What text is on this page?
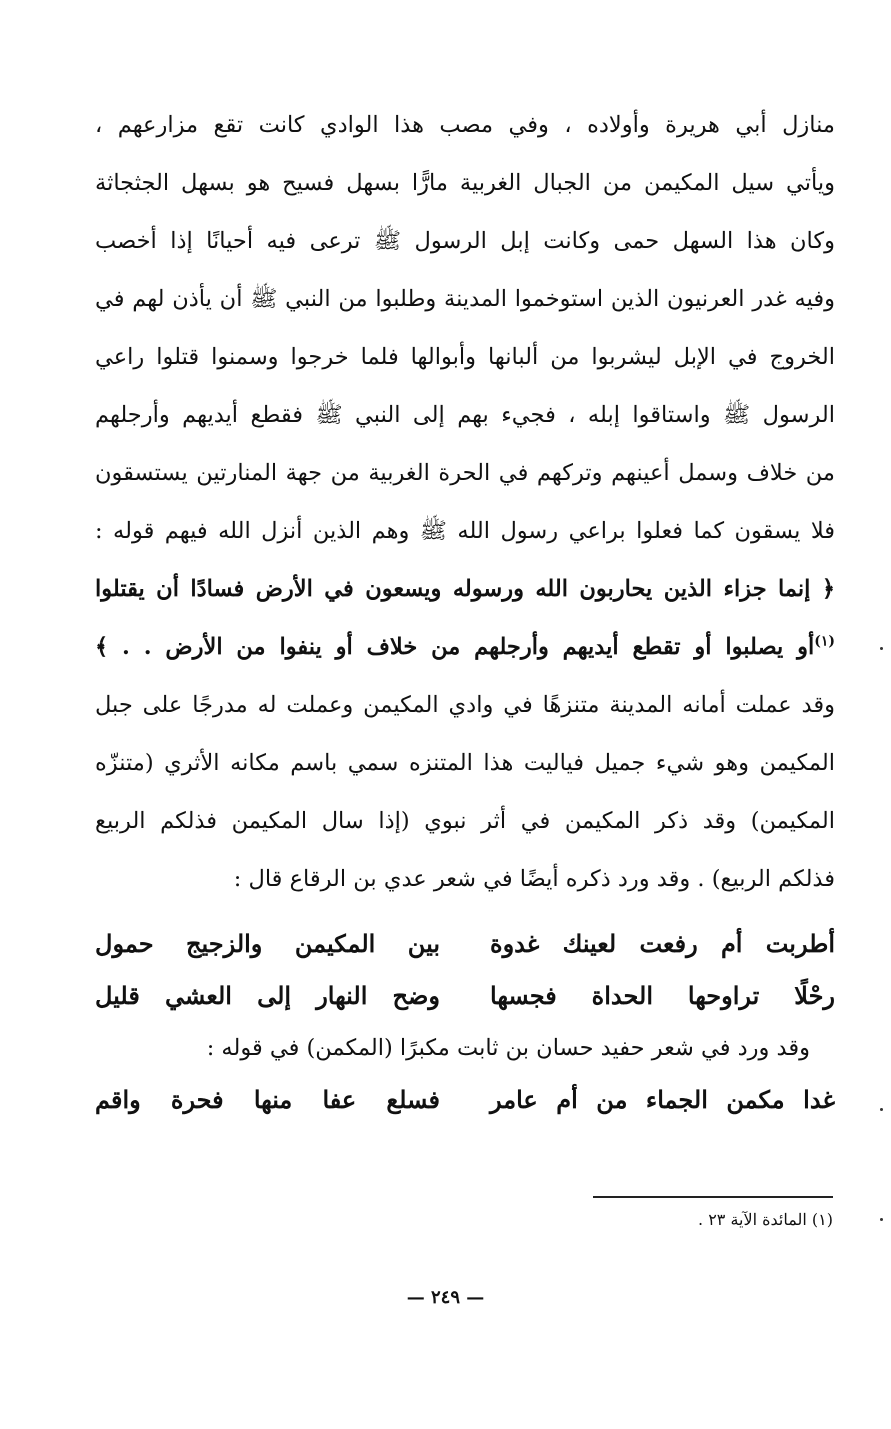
منازل أبي هريرة وأولاده ، وفي مصب هذا الوادي كانت تقع مزارعهم ،
ويأتي سيل المكيمن من الجبال الغربية مارًّا بسهل فسيح هو بسهل الجثجاثة
وكان هذا السهل حمى وكانت إبل الرسول ﷺ ترعى فيه أحيانًا إذا أخصب
وفيه غدر العرنيون الذين استوخموا المدينة وطلبوا من النبي ﷺ أن يأذن لهم في
الخروج في الإبل ليشربوا من ألبانها وأبوالها فلما خرجوا وسمنوا قتلوا راعي
الرسول ﷺ واستاقوا إبله ، فجيء بهم إلى النبي ﷺ فقطع أيديهم وأرجلهم
من خلاف وسمل أعينهم وتركهم في الحرة الغربية من جهة المنارتين يستسقون
فلا يسقون كما فعلوا براعي رسول الله ﷺ وهم الذين أنزل الله فيهم قوله :
﴿ إنما جزاء الذين يحاربون الله ورسوله ويسعون في الأرض فسادًا أن يقتلوا
$^{(١)}$أو يصلبوا أو تقطع أيديهم وأرجلهم من خلاف أو ينفوا من الأرض . . ﴾
وقد عملت أمانه المدينة متنزهًا في وادي المكيمن وعملت له مدرجًا على جبل
المكيمن وهو شيء جميل فياليت هذا المتنزه سمي باسم مكانه الأثري (متنزّه
المكيمن) وقد ذكر المكيمن في أثر نبوي (إذا سال المكيمن فذلكم الربيع
فذلكم الربيع) . وقد ورد ذكره أيضًا في شعر عدي بن الرقاع قال :
أطربت أم رفعت لعينك غدوة
بين المكيمن والزجيج حمول
رحْلًا تراوحها الحداة فجسها
وضح النهار إلى العشي قليل
وقد ورد في شعر حفيد حسان بن ثابت مكبرًا (المكمن) في قوله :
غدا مكمن الجماء من أم عامر
فسلع عفا منها فحرة واقم
(١) المائدة الآية ٢٣ .
— ٢٤٩ —
